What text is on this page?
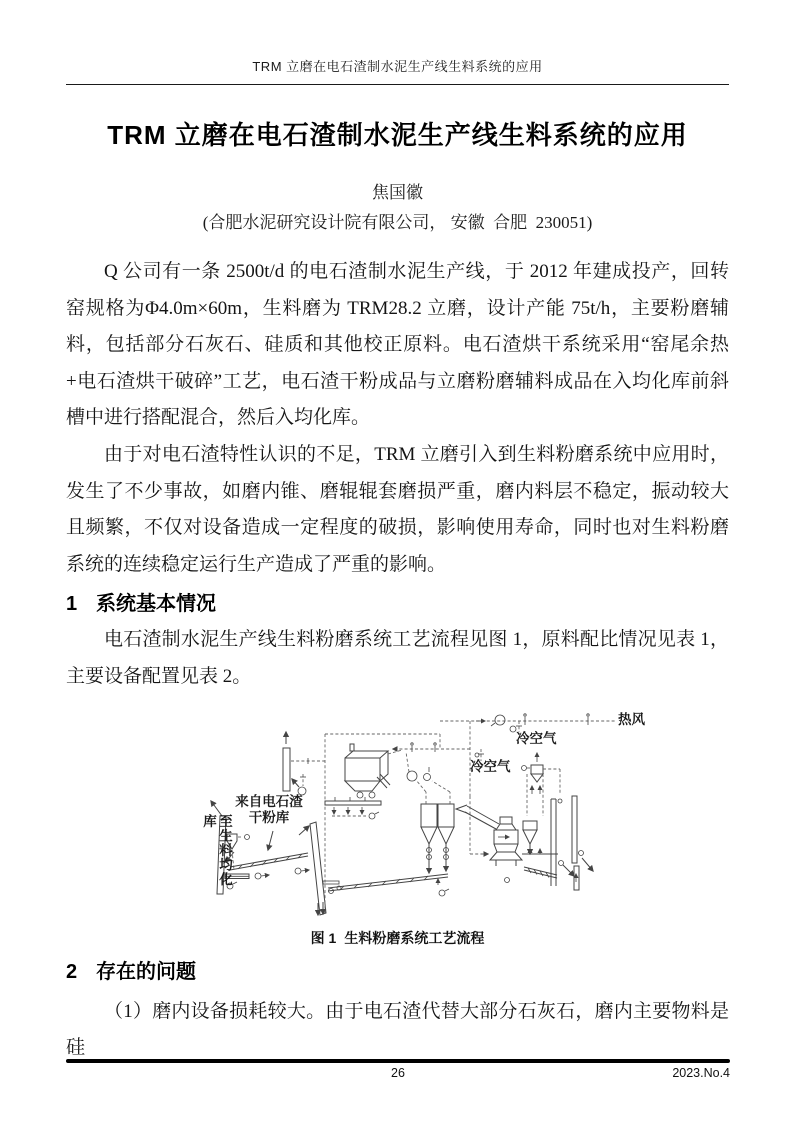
TRM 立磨在电石渣制水泥生产线生料系统的应用
TRM 立磨在电石渣制水泥生产线生料系统的应用
焦国徽
(合肥水泥研究设计院有限公司， 安徽  合肥  230051)

Q 公司有一条 2500t/d 的电石渣制水泥生产线，于 2012 年建成投产，回转窑规格为Φ4.0m×60m，生料磨为 TRM28.2 立磨，设计产能 75t/h，主要粉磨辅料，包括部分石灰石、硅质和其他校正原料。电石渣烘干系统采用“窑尾余热+电石渣烘干破碎”工艺，电石渣干粉成品与立磨粉磨辅料成品在入均化库前斜槽中进行搭配混合，然后入均化库。

由于对电石渣特性认识的不足，TRM 立磨引入到生料粉磨系统中应用时，发生了不少事故，如磨内锥、磨辊辊套磨损严重，磨内料层不稳定，振动较大且频繁，不仅对设备造成一定程度的破损，影响使用寿命，同时也对生料粉磨系统的连续稳定运行生产造成了严重的影响。

1 系统基本情况

电石渣制水泥生产线生料粉磨系统工艺流程见图 1，原料配比情况见表 1，主要设备配置见表 2。

热风
冷空气
冷空气
来自电石渣干粉库
至生料均化库
图 1 生料粉磨系统工艺流程
2 存在的问题

（1）磨内设备损耗较大。由于电石渣代替大部分石灰石，磨内主要物料是硅

26	2023.No.4
